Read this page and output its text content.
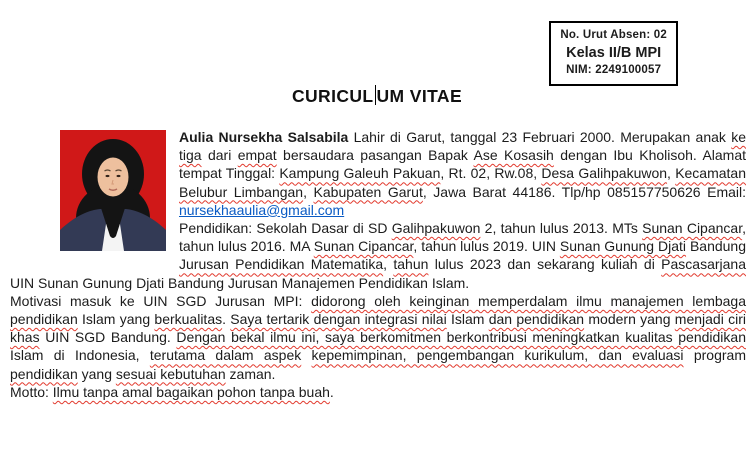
No. Urut Absen: 02
Kelas II/B MPI
NIM: 2249100057
CURICUL UM VITAE

Aulia Nursekha Salsabila Lahir di Garut, tanggal 23 Februari 2000. Merupakan anak ke tiga dari empat bersaudara pasangan Bapak Ase Kosasih dengan Ibu Kholisoh. Alamat tempat Tinggal: Kampung Galeuh Pakuan, Rt. 02, Rw.08, Desa Galihpakuwon, Kecamatan Belubur Limbangan, Kabupaten Garut, Jawa Barat 44186. Tlp/hp 085157750626 Email: nursekhaaulia@gmail.com

Pendidikan: Sekolah Dasar di SD Galihpakuwon 2, tahun lulus 2013. MTs Sunan Cipancar, tahun lulus 2016. MA Sunan Cipancar, tahun lulus 2019. UIN Sunan Gunung Djati Bandung Jurusan Pendidikan Matematika, tahun lulus 2023 dan sekarang kuliah di Pascasarjana UIN Sunan Gunung Djati Bandung Jurusan Manajemen Pendidikan Islam.

Motivasi masuk ke UIN SGD Jurusan MPI: didorong oleh keinginan memperdalam ilmu manajemen lembaga pendidikan Islam yang berkualitas. Saya tertarik dengan integrasi nilai Islam dan pendidikan modern yang menjadi ciri khas UIN SGD Bandung. Dengan bekal ilmu ini, saya berkomitmen berkontribusi meningkatkan kualitas pendidikan Islam di Indonesia, terutama dalam aspek kepemimpinan, pengembangan kurikulum, dan evaluasi program pendidikan yang sesuai kebutuhan zaman.

Motto: Ilmu tanpa amal bagaikan pohon tanpa buah.
